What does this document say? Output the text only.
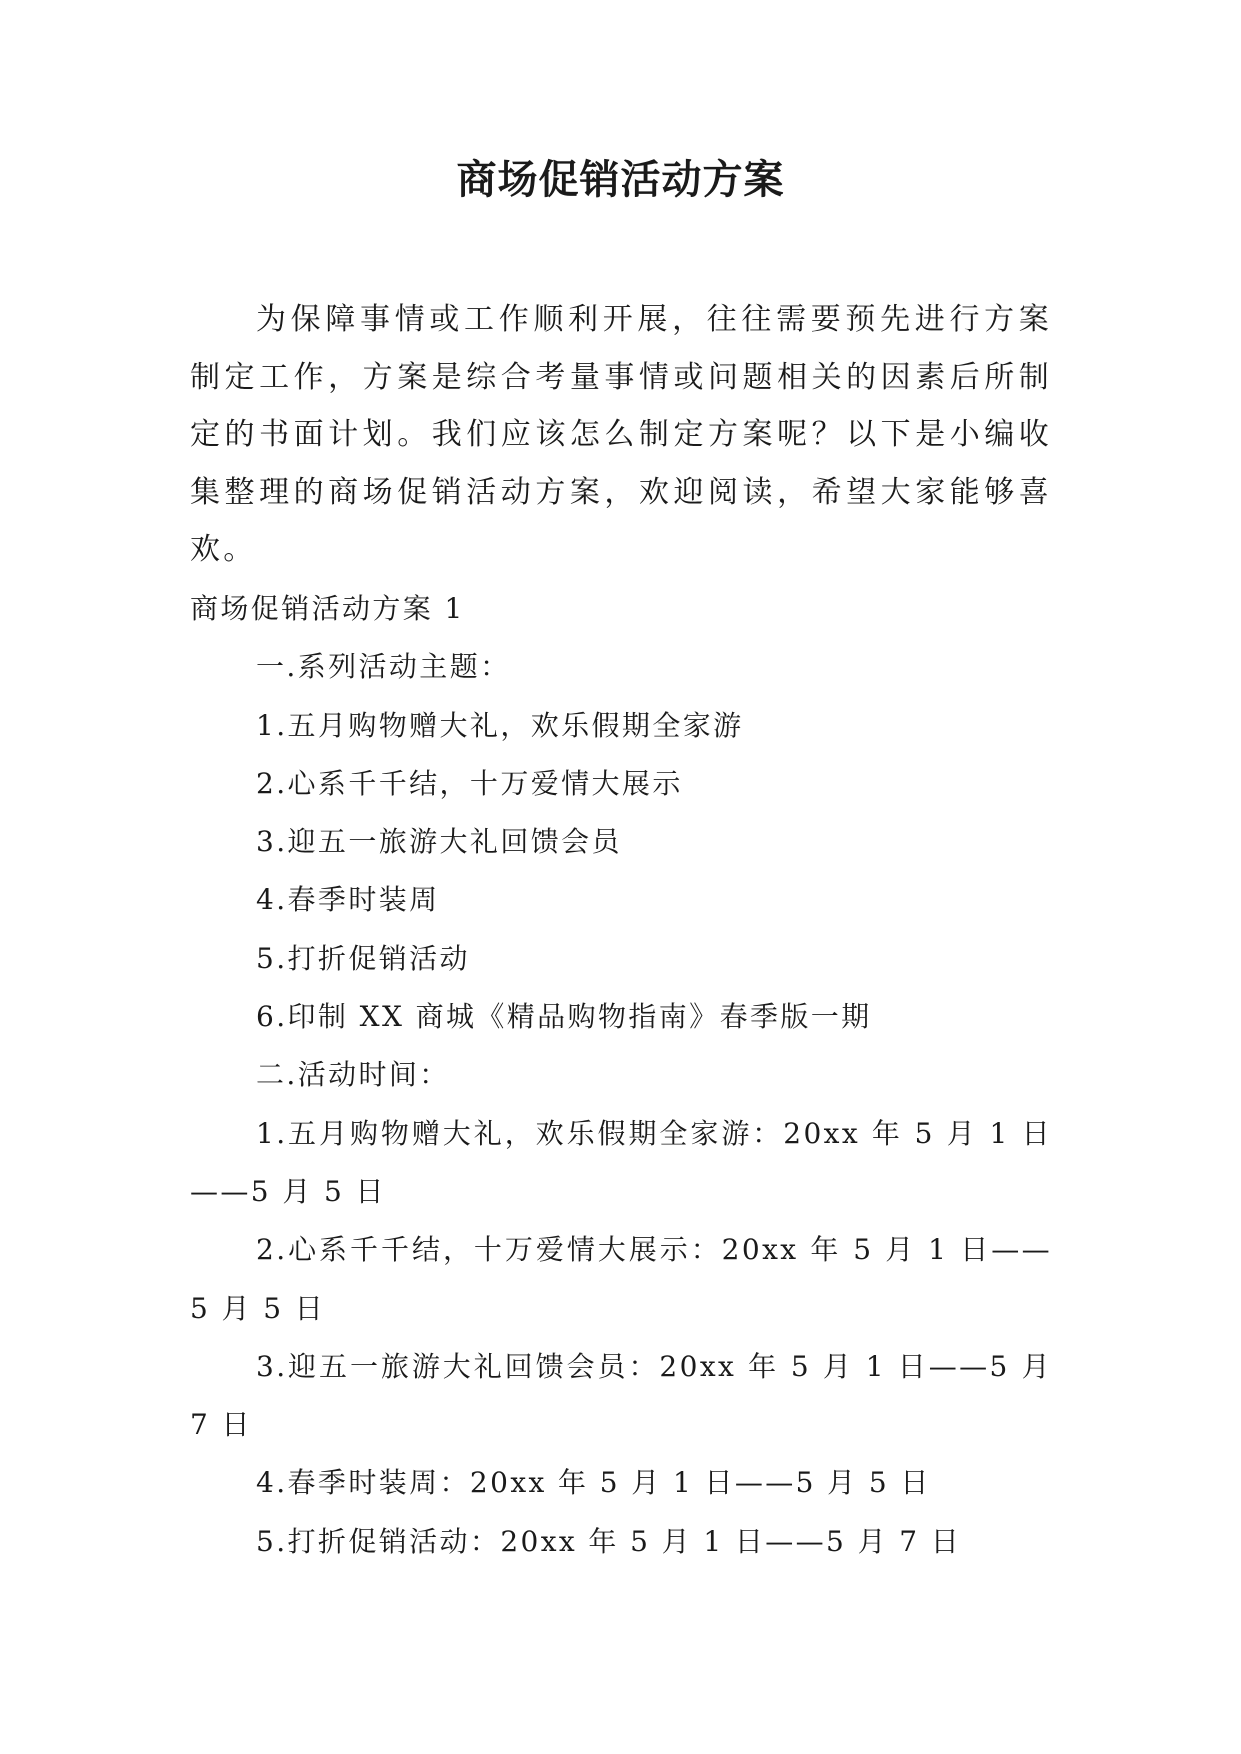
商场促销活动方案

为保障事情或工作顺利开展，往往需要预先进行方案制定工作，方案是综合考量事情或问题相关的因素后所制定的书面计划。我们应该怎么制定方案呢？以下是小编收集整理的商场促销活动方案，欢迎阅读，希望大家能够喜欢。

商场促销活动方案 1

一.系列活动主题：

1.五月购物赠大礼，欢乐假期全家游

2.心系千千结，十万爱情大展示

3.迎五一旅游大礼回馈会员

4.春季时装周

5.打折促销活动

6.印制 XX 商城《精品购物指南》春季版一期

二.活动时间：

1.五月购物赠大礼，欢乐假期全家游：20xx 年 5 月 1 日——5 月 5 日

2.心系千千结，十万爱情大展示：20xx 年 5 月 1 日——5 月 5 日

3.迎五一旅游大礼回馈会员：20xx 年 5 月 1 日——5 月 7 日

4.春季时装周：20xx 年 5 月 1 日——5 月 5 日

5.打折促销活动：20xx 年 5 月 1 日——5 月 7 日
